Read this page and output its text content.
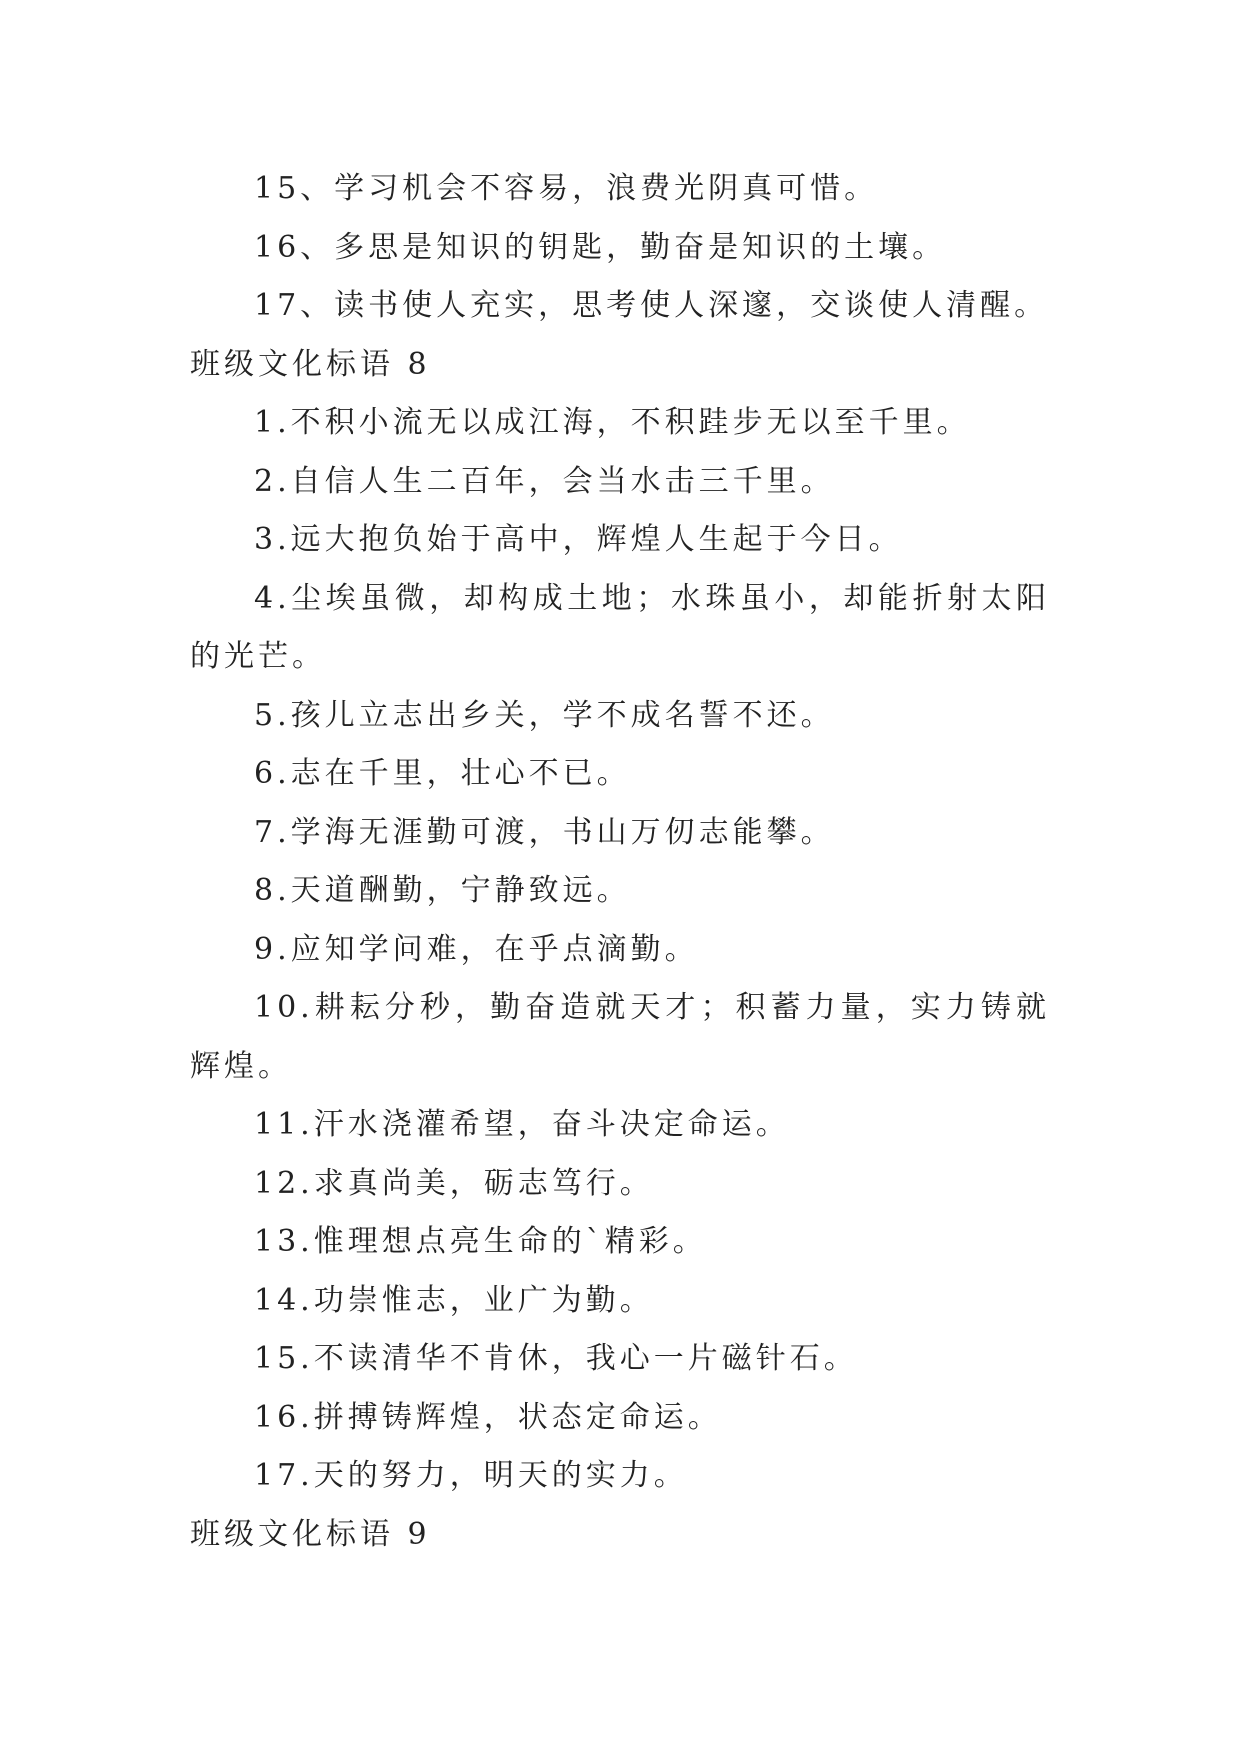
15、学习机会不容易，浪费光阴真可惜。

16、多思是知识的钥匙，勤奋是知识的土壤。

17、读书使人充实，思考使人深邃，交谈使人清醒。

班级文化标语 8

1.不积小流无以成江海，不积跬步无以至千里。

2.自信人生二百年，会当水击三千里。

3.远大抱负始于高中，辉煌人生起于今日。

4.尘埃虽微，却构成土地；水珠虽小，却能折射太阳的光芒。

5.孩儿立志出乡关，学不成名誓不还。

6.志在千里，壮心不已。

7.学海无涯勤可渡，书山万仞志能攀。

8.天道酬勤，宁静致远。

9.应知学问难，在乎点滴勤。

10.耕耘分秒，勤奋造就天才；积蓄力量，实力铸就辉煌。

11.汗水浇灌希望，奋斗决定命运。

12.求真尚美，砺志笃行。

13.惟理想点亮生命的`精彩。

14.功崇惟志，业广为勤。

15.不读清华不肯休，我心一片磁针石。

16.拼搏铸辉煌，状态定命运。

17.天的努力，明天的实力。

班级文化标语 9
